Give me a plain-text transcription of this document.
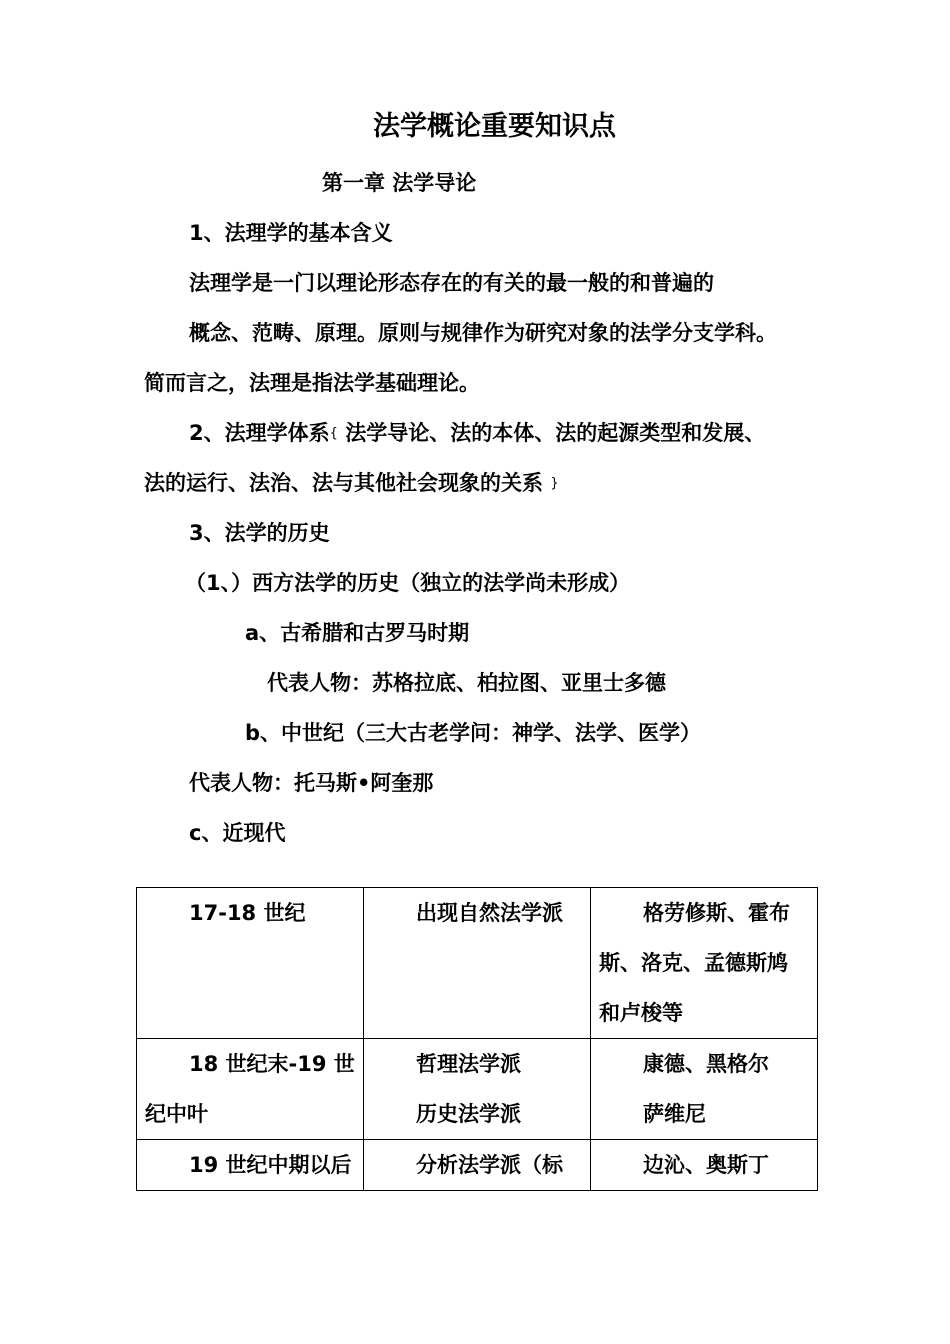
法学概论重要知识点
第一章 法学导论
1、法理学的基本含义
法理学是一门以理论形态存在的有关的最一般的和普遍的
概念、范畴、原理。原则与规律作为研究对象的法学分支学科。
简而言之，法理是指法学基础理论。
2、法理学体系{ 法学导论、法的本体、法的起源类型和发展、
法的运行、法治、法与其他社会现象的关系 }
3、法学的历史
（1、）西方法学的历史（独立的法学尚未形成）
a、古希腊和古罗马时期
代表人物：苏格拉底、柏拉图、亚里士多德
b、中世纪（三大古老学问：神学、法学、医学）
代表人物：托马斯•阿奎那
c、近现代
17-18 世纪	出现自然法学派	格劳修斯、霍布
斯、洛克、孟德斯鸠
和卢梭等

18 世纪末-19 世
纪中叶	哲理法学派
历史法学派	康德、黑格尔
萨维尼

19 世纪中期以后	分析法学派（标	边沁、奥斯丁
